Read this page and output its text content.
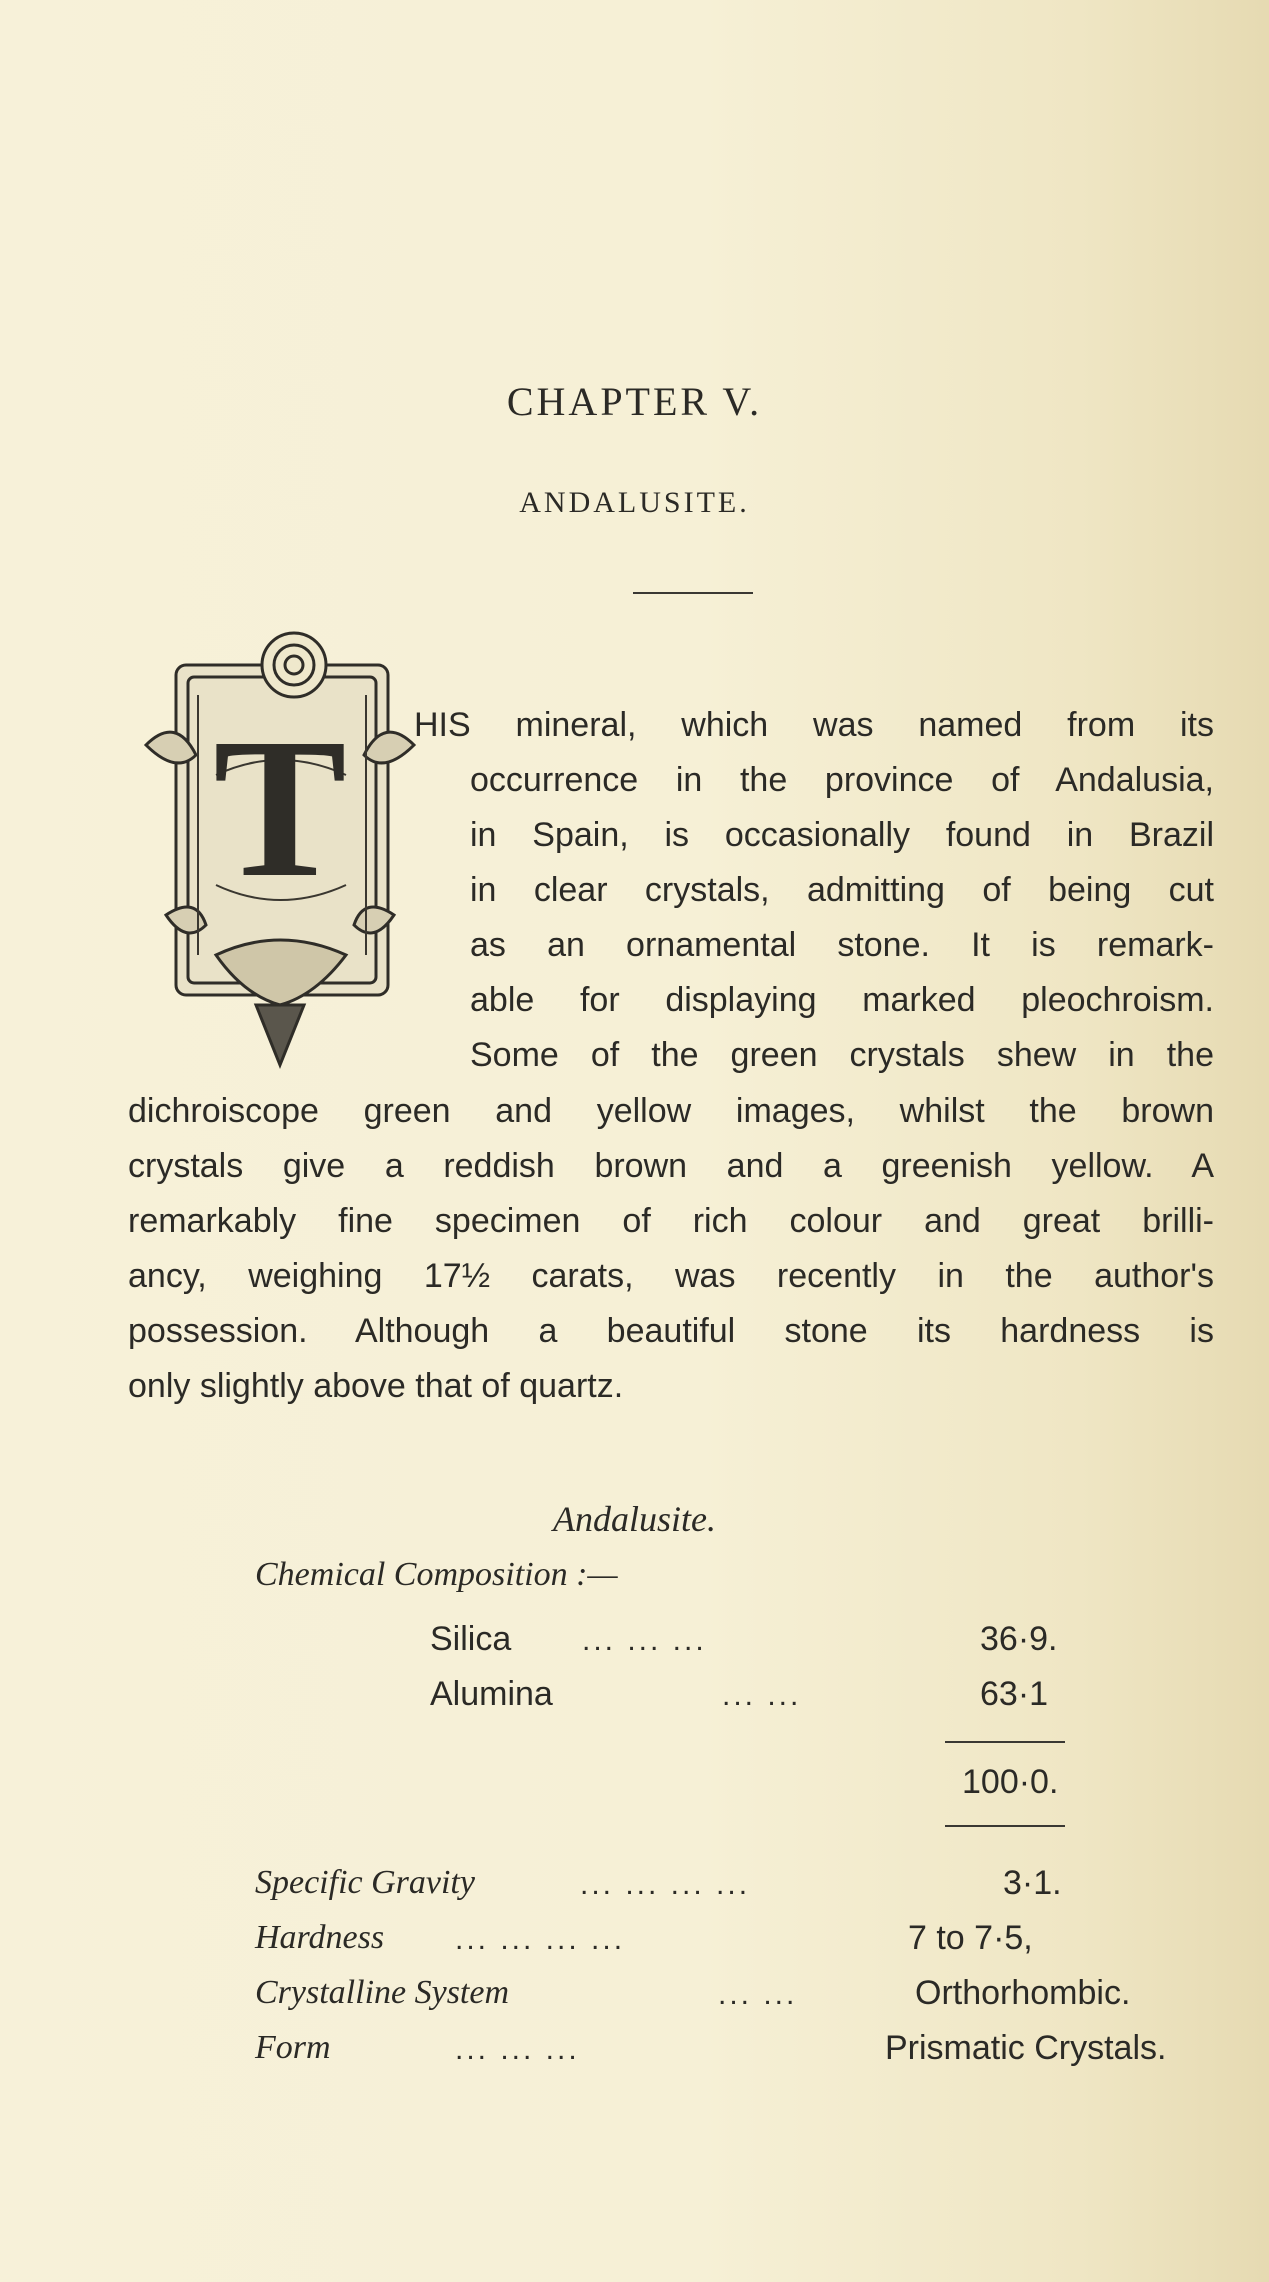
CHAPTER V.
ANDALUSITE.
T HIS mineral, which was named from its
occurrence in the province of Andalusia,
in Spain, is occasionally found in Brazil
in clear crystals, admitting of being cut
as an ornamental stone. It is remark-
able for displaying marked pleochroism.
Some of the green crystals shew in the
dichroiscope green and yellow images, whilst the brown
crystals give a reddish brown and a greenish yellow. A
remarkably fine specimen of rich colour and great brilli-
ancy, weighing 17½ carats, was recently in the author's
possession. Although a beautiful stone its hardness is
only slightly above that of quartz.
Andalusite.
Chemical Composition :—
Silica ... ... ...	36·9.
Alumina	... ...	63·1
100·0.
Specific Gravity	... ... ... ...	3·1.
Hardness ... ... ... ...	7 to 7·5,
Crystalline System	... ...	Orthorhombic.
Form	... ... ...	Prismatic Crystals.
